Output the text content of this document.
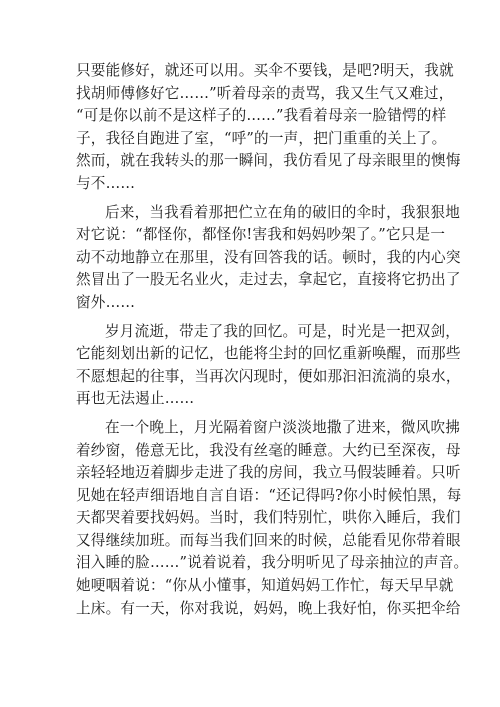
只要能修好，就还可以用。买伞不要钱，是吧?明天，我就
找胡师傅修好它……”听着母亲的责骂，我又生气又难过，
“可是你以前不是这样子的……”我看着母亲一脸错愕的样
子，我径自跑进了室，“呼”的一声，把门重重的关上了。
然而，就在我转头的那一瞬间，我仿看见了母亲眼里的懊悔
与不……
后来，当我看着那把伫立在角的破旧的伞时，我狠狠地
对它说：“都怪你，都怪你!害我和妈妈吵架了。”它只是一
动不动地静立在那里，没有回答我的话。顿时，我的内心突
然冒出了一股无名业火，走过去，拿起它，直接将它扔出了
窗外……
岁月流逝，带走了我的回忆。可是，时光是一把双剑，
它能刻划出新的记忆，也能将尘封的回忆重新唤醒，而那些
不愿想起的往事，当再次闪现时，便如那汩汩流淌的泉水，
再也无法遏止……
在一个晚上，月光隔着窗户淡淡地撒了进来，微风吹拂
着纱窗，倦意无比，我没有丝毫的睡意。大约已至深夜，母
亲轻轻地迈着脚步走进了我的房间，我立马假装睡着。只听
见她在轻声细语地自言自语：“还记得吗?你小时候怕黑，每
天都哭着要找妈妈。当时，我们特别忙，哄你入睡后，我们
又得继续加班。而每当我们回来的时候，总能看见你带着眼
泪入睡的脸……”说着说着，我分明听见了母亲抽泣的声音。
她哽咽着说：“你从小懂事，知道妈妈工作忙，每天早早就
上床。有一天，你对我说，妈妈，晚上我好怕，你买把伞给
